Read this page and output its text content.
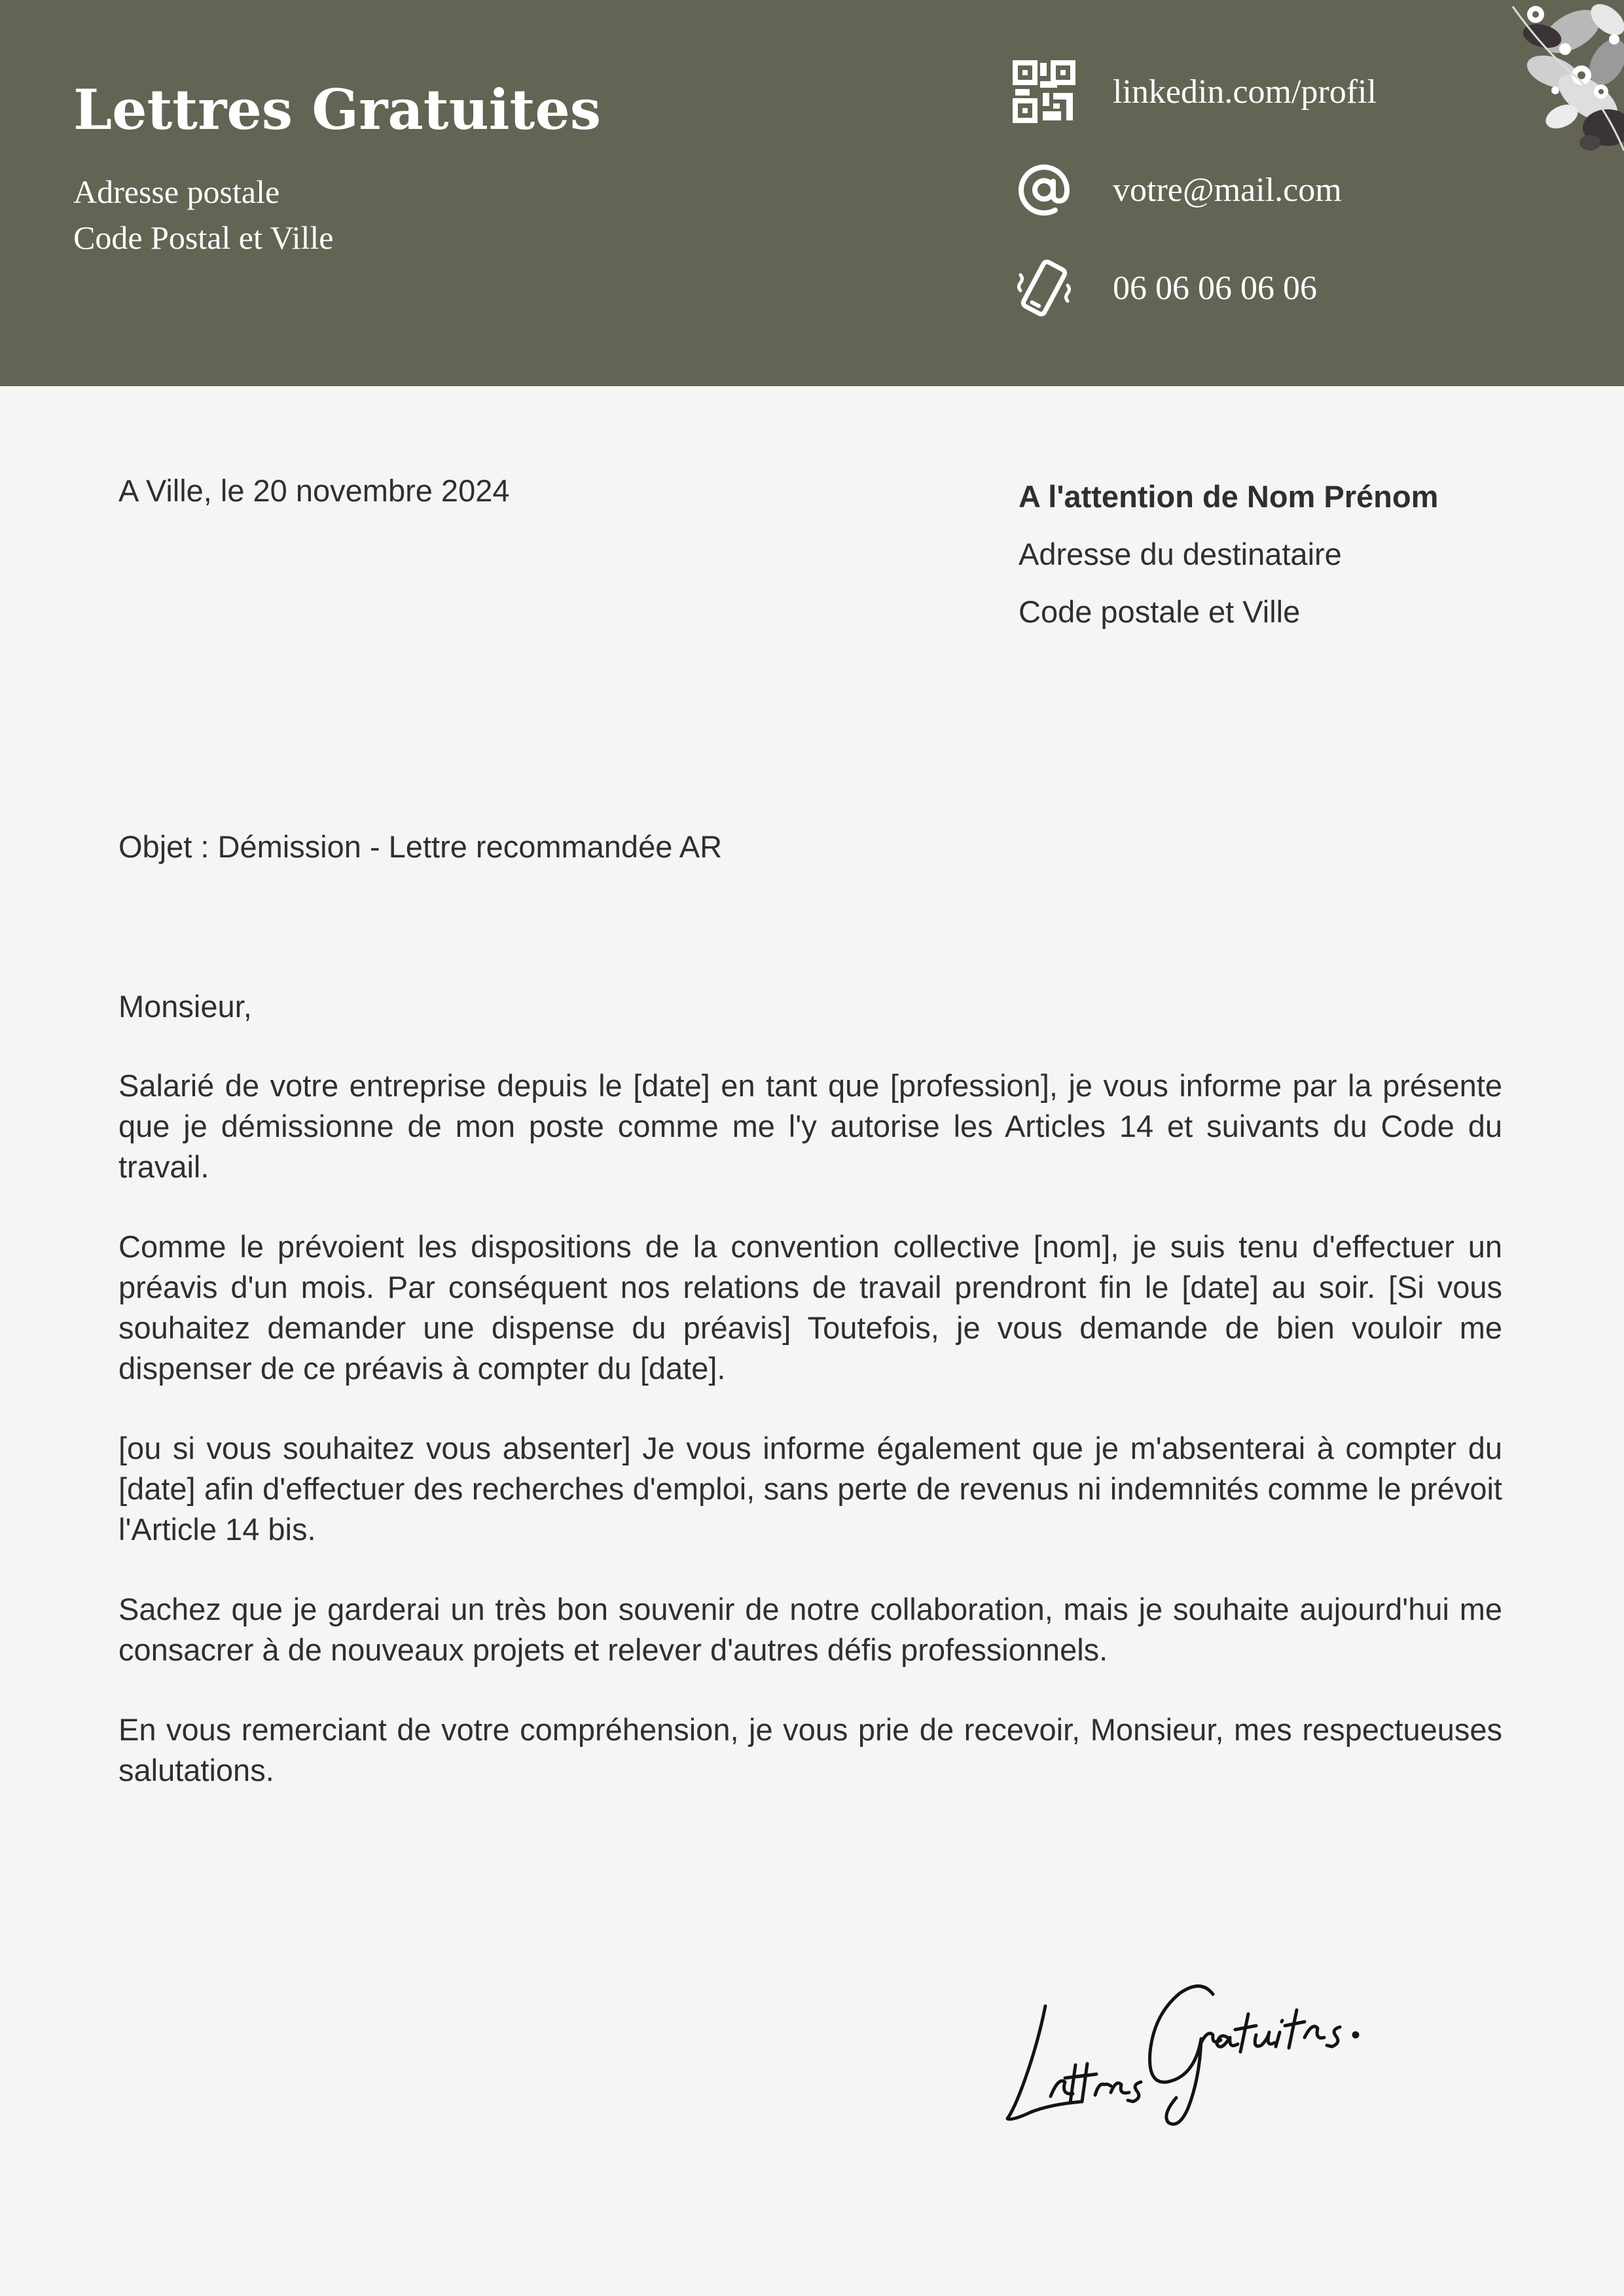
Lettres Gratuites
Adresse postale
Code Postal et Ville
linkedin.com/profil
votre@mail.com
06 06 06 06 06
A Ville, le 20 novembre 2024	A l'attention de Nom Prénom
Adresse du destinataire
Code postale et Ville
Objet : Démission - Lettre recommandée AR
Monsieur,

Salarié de votre entreprise depuis le [date] en tant que [profession], je vous informe par la présente que je démissionne de mon poste comme me l'y autorise les Articles 14 et suivants du Code du travail.

Comme le prévoient les dispositions de la convention collective [nom], je suis tenu d'effectuer un préavis d'un mois. Par conséquent nos relations de travail prendront fin le [date] au soir. [Si vous souhaitez demander une dispense du préavis] Toutefois, je vous demande de bien vouloir me dispenser de ce préavis à compter du [date].

[ou si vous souhaitez vous absenter] Je vous informe également que je m'absenterai à compter du [date] afin d'effectuer des recherches d'emploi, sans perte de revenus ni indemnités comme le prévoit l'Article 14 bis.

Sachez que je garderai un très bon souvenir de notre collaboration, mais je souhaite aujourd'hui me consacrer à de nouveaux projets et relever d'autres défis professionnels.

En vous remerciant de votre compréhension, je vous prie de recevoir, Monsieur, mes respectueuses salutations.
